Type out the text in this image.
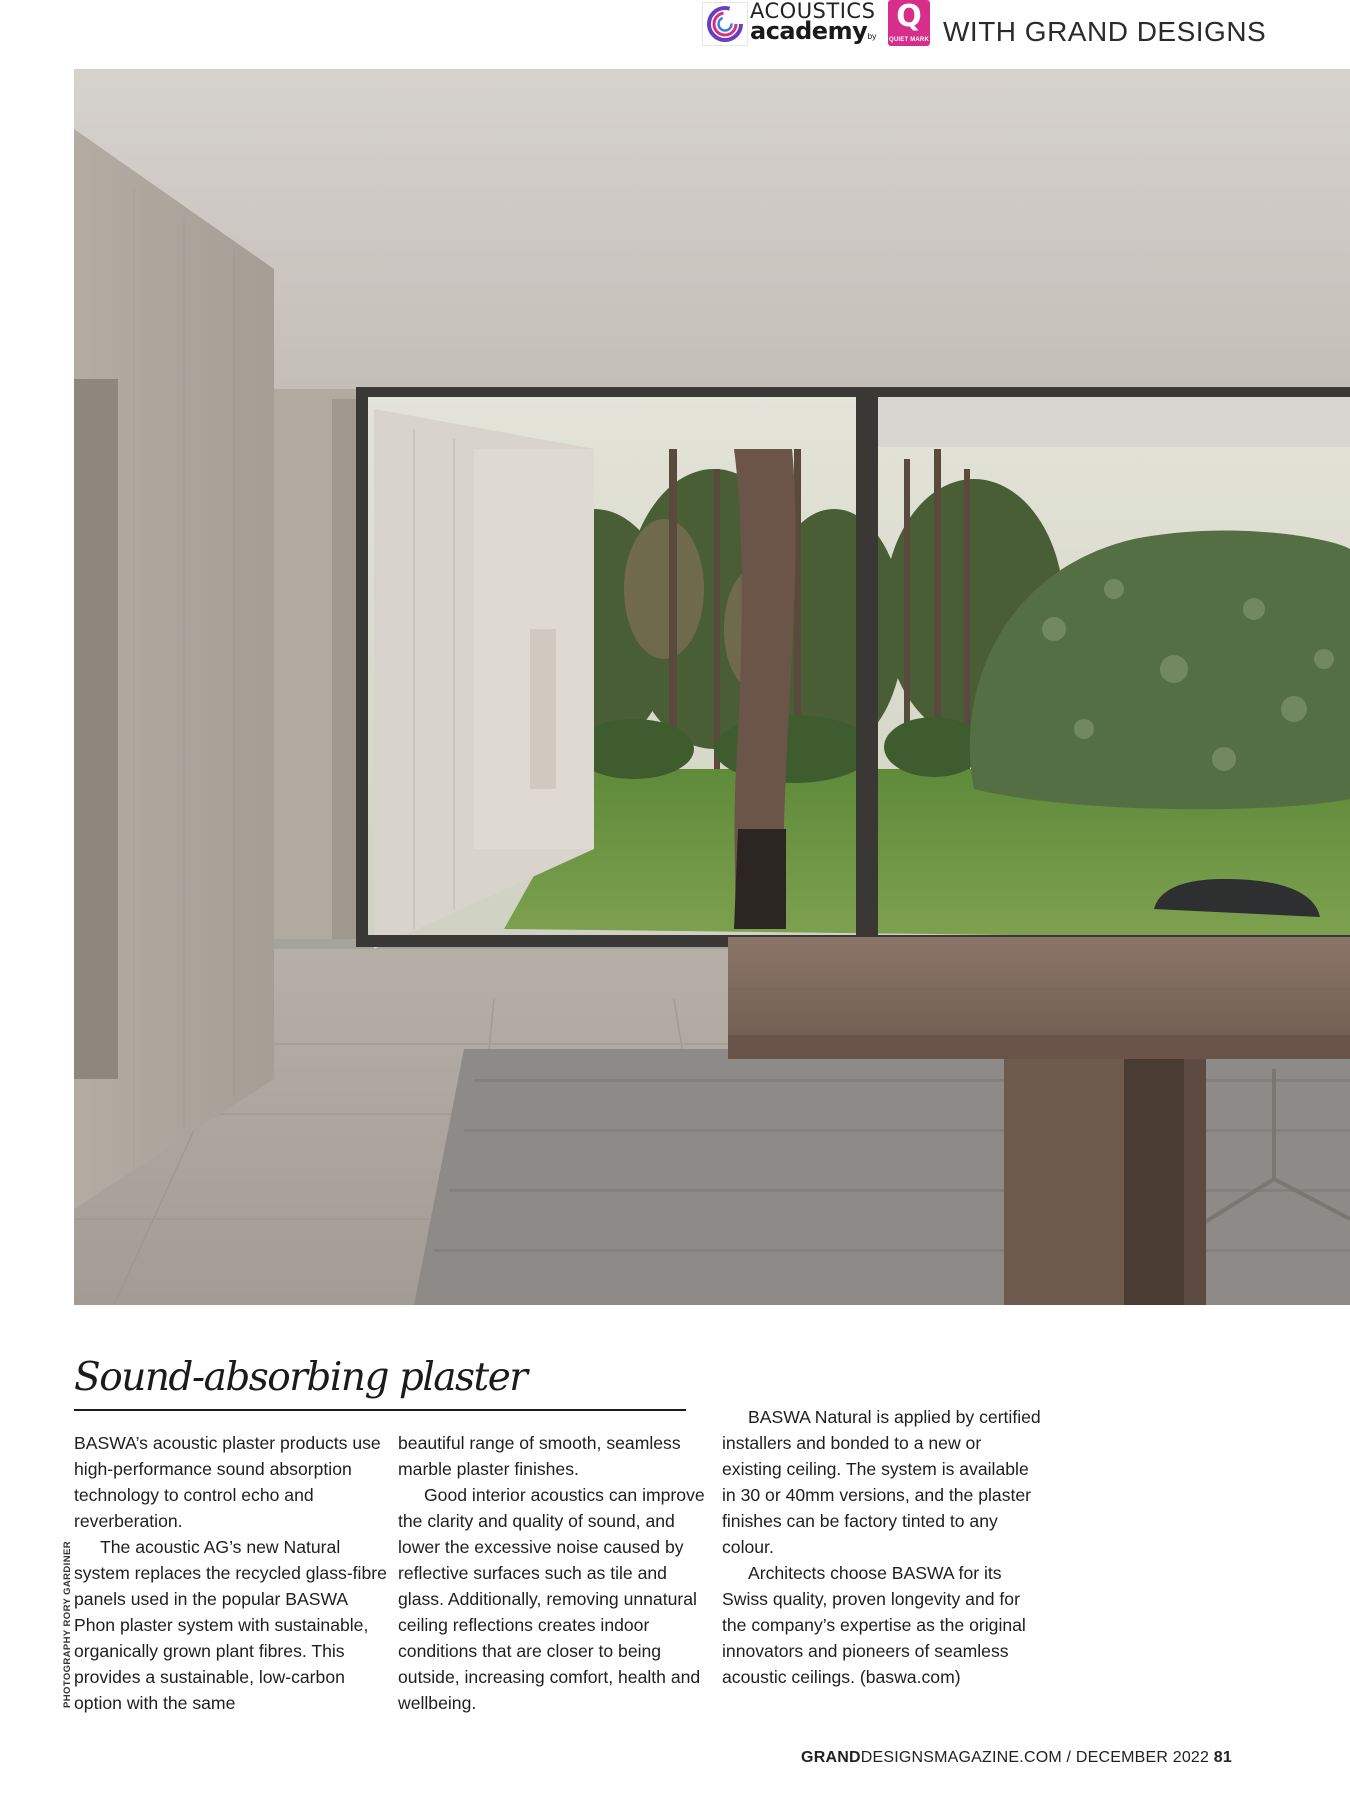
ACOUSTICS
academyby
Q
QUIET MARK WITH GRAND DESIGNS
Sound-absorbing plaster

BASWA’s acoustic plaster products use high-performance sound absorption technology to control echo and reverberation.

The acoustic AG’s new Natural system replaces the recycled glass-fibre panels used in the popular BASWA Phon plaster system with sustainable, organically grown plant fibres. This provides a sustainable, low-carbon option with the same

beautiful range of smooth, seamless marble plaster finishes.

Good interior acoustics can improve the clarity and quality of sound, and lower the excessive noise caused by reflective surfaces such as tile and glass. Additionally, removing unnatural ceiling reflections creates indoor conditions that are closer to being outside, increasing comfort, health and wellbeing.

BASWA Natural is applied by certified installers and bonded to a new or existing ceiling. The system is available in 30 or 40mm versions, and the plaster finishes can be factory tinted to any colour.

Architects choose BASWA for its Swiss quality, proven longevity and for the company’s expertise as the original innovators and pioneers of seamless acoustic ceilings. (baswa.com)

PHOTOGRAPHY RORY GARDINER
GRANDDESIGNSMAGAZINE.COM / DECEMBER 2022 81
